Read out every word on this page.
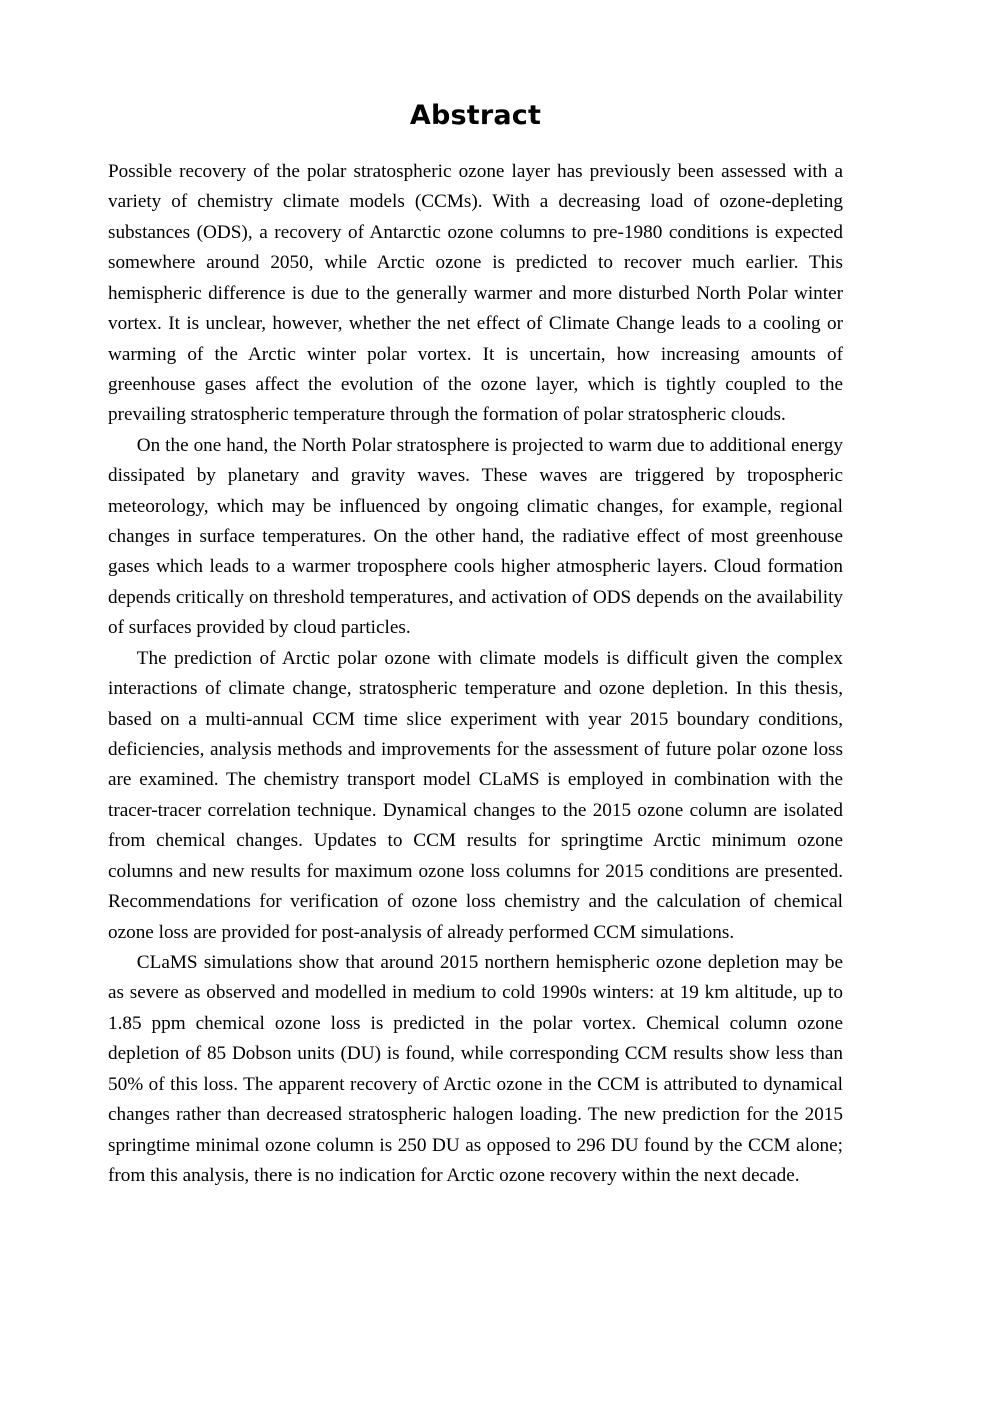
Abstract

Possible recovery of the polar stratospheric ozone layer has previously been assessed with a variety of chemistry climate models (CCMs). With a decreasing load of ozone-depleting substances (ODS), a recovery of Antarctic ozone columns to pre-1980 conditions is expected somewhere around 2050, while Arctic ozone is predicted to recover much earlier. This hemispheric difference is due to the generally warmer and more disturbed North Polar winter vortex. It is unclear, however, whether the net effect of Climate Change leads to a cooling or warming of the Arctic winter polar vortex. It is uncertain, how increasing amounts of greenhouse gases affect the evolution of the ozone layer, which is tightly coupled to the prevailing stratospheric temperature through the formation of polar stratospheric clouds.

On the one hand, the North Polar stratosphere is projected to warm due to additional energy dissipated by planetary and gravity waves. These waves are triggered by tropospheric meteorology, which may be influenced by ongoing climatic changes, for example, regional changes in surface temperatures. On the other hand, the radiative effect of most greenhouse gases which leads to a warmer troposphere cools higher atmospheric layers. Cloud formation depends critically on threshold temperatures, and activation of ODS depends on the availability of surfaces provided by cloud particles.

The prediction of Arctic polar ozone with climate models is difficult given the complex interactions of climate change, stratospheric temperature and ozone depletion. In this thesis, based on a multi-annual CCM time slice experiment with year 2015 boundary conditions, deficiencies, analysis methods and improvements for the assessment of future polar ozone loss are examined. The chemistry transport model CLaMS is employed in combination with the tracer-tracer correlation technique. Dynamical changes to the 2015 ozone column are isolated from chemical changes. Updates to CCM results for springtime Arctic minimum ozone columns and new results for maximum ozone loss columns for 2015 conditions are presented. Recommendations for verification of ozone loss chemistry and the calculation of chemical ozone loss are provided for post-analysis of already performed CCM simulations.

CLaMS simulations show that around 2015 northern hemispheric ozone depletion may be as severe as observed and modelled in medium to cold 1990s winters: at 19 km altitude, up to 1.85 ppm chemical ozone loss is predicted in the polar vortex. Chemical column ozone depletion of 85 Dobson units (DU) is found, while corresponding CCM results show less than 50% of this loss. The apparent recovery of Arctic ozone in the CCM is attributed to dynamical changes rather than decreased stratospheric halogen loading. The new prediction for the 2015 springtime minimal ozone column is 250 DU as opposed to 296 DU found by the CCM alone; from this analysis, there is no indication for Arctic ozone recovery within the next decade.
